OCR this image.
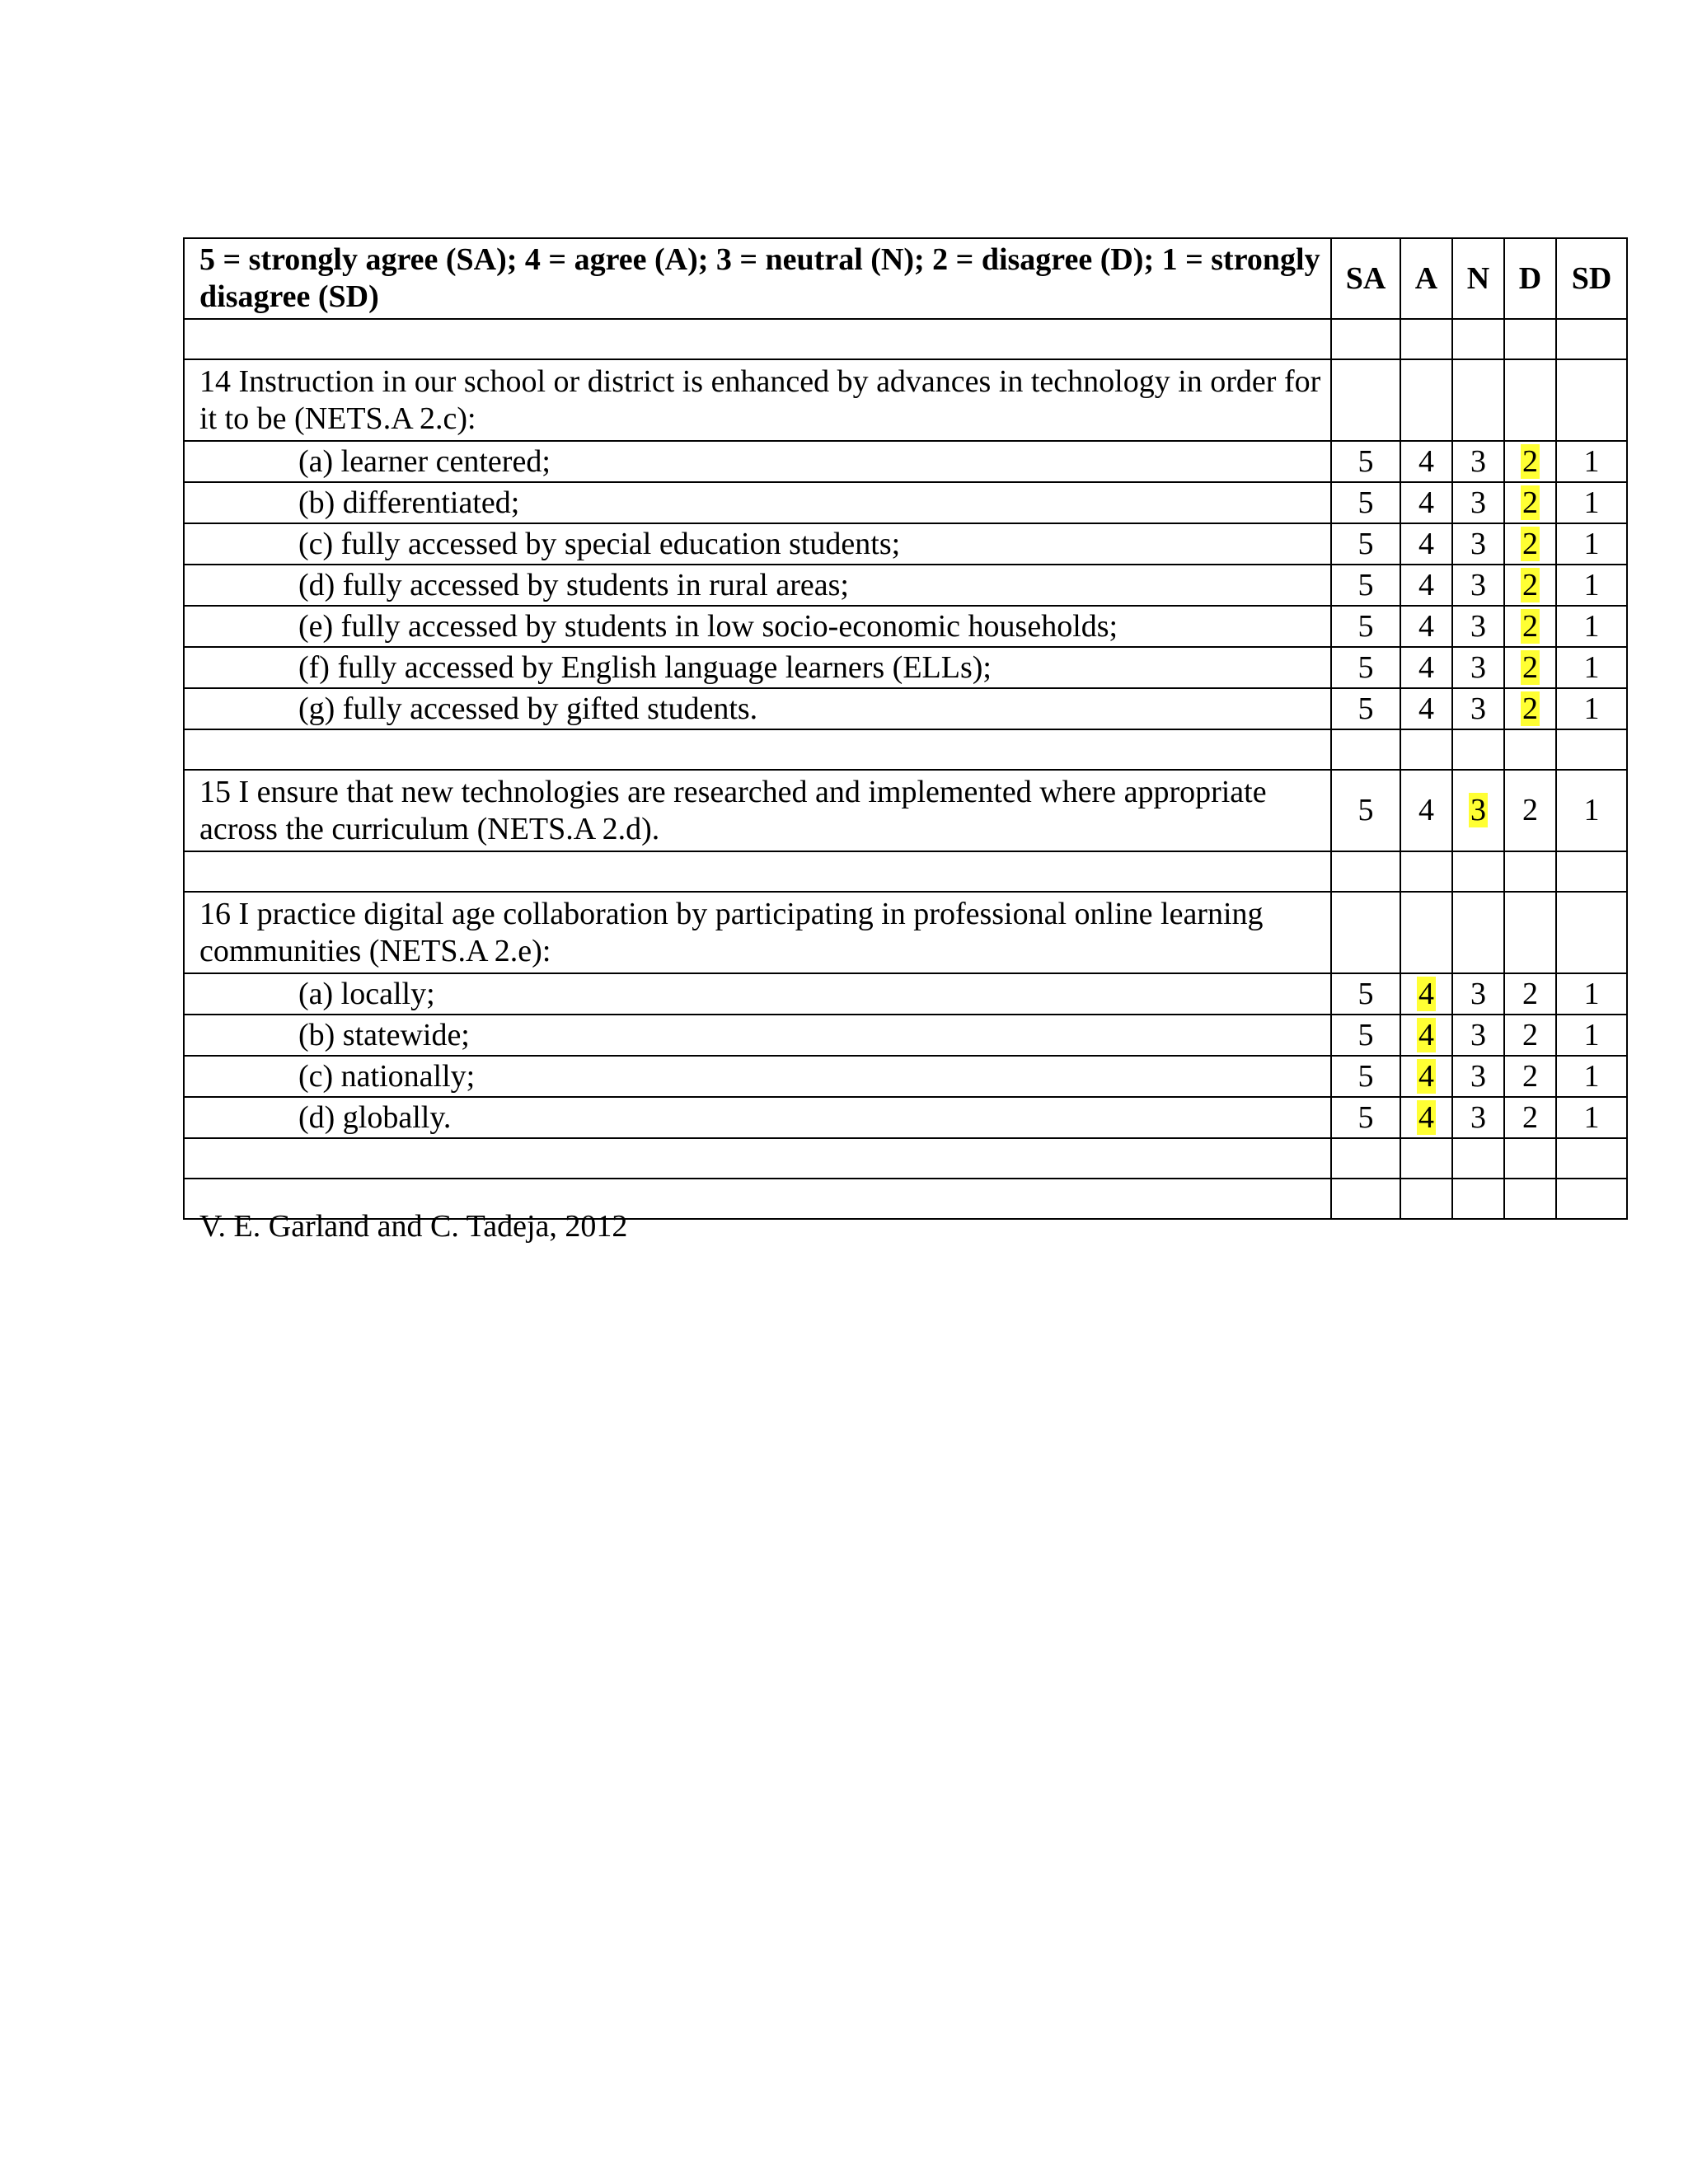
5 = strongly agree (SA); 4 = agree (A); 3 = neutral (N); 2 = disagree (D); 1 = strongly disagree (SD)	SA	A	N	D	SD

14 Instruction in our school or district is enhanced by advances in technology in order for it to be (NETS.A 2.c):					
(a) learner centered;	5	4	3	2	1
(b) differentiated;	5	4	3	2	1
(c) fully accessed by special education students;	5	4	3	2	1
(d) fully accessed by students in rural areas;	5	4	3	2	1
(e) fully accessed by students in low socio-economic households;	5	4	3	2	1
(f) fully accessed by English language learners (ELLs);	5	4	3	2	1
(g) fully accessed by gifted students.	5	4	3	2	1

15 I ensure that new technologies are researched and implemented where appropriate across the curriculum (NETS.A 2.d).	5	4	3	2	1

16 I practice digital age collaboration by participating in professional online learning communities (NETS.A 2.e):					
(a) locally;	5	4	3	2	1
(b) statewide;	5	4	3	2	1
(c) nationally;	5	4	3	2	1
(d) globally.	5	4	3	2	1

V. E. Garland and C. Tadeja, 2012
